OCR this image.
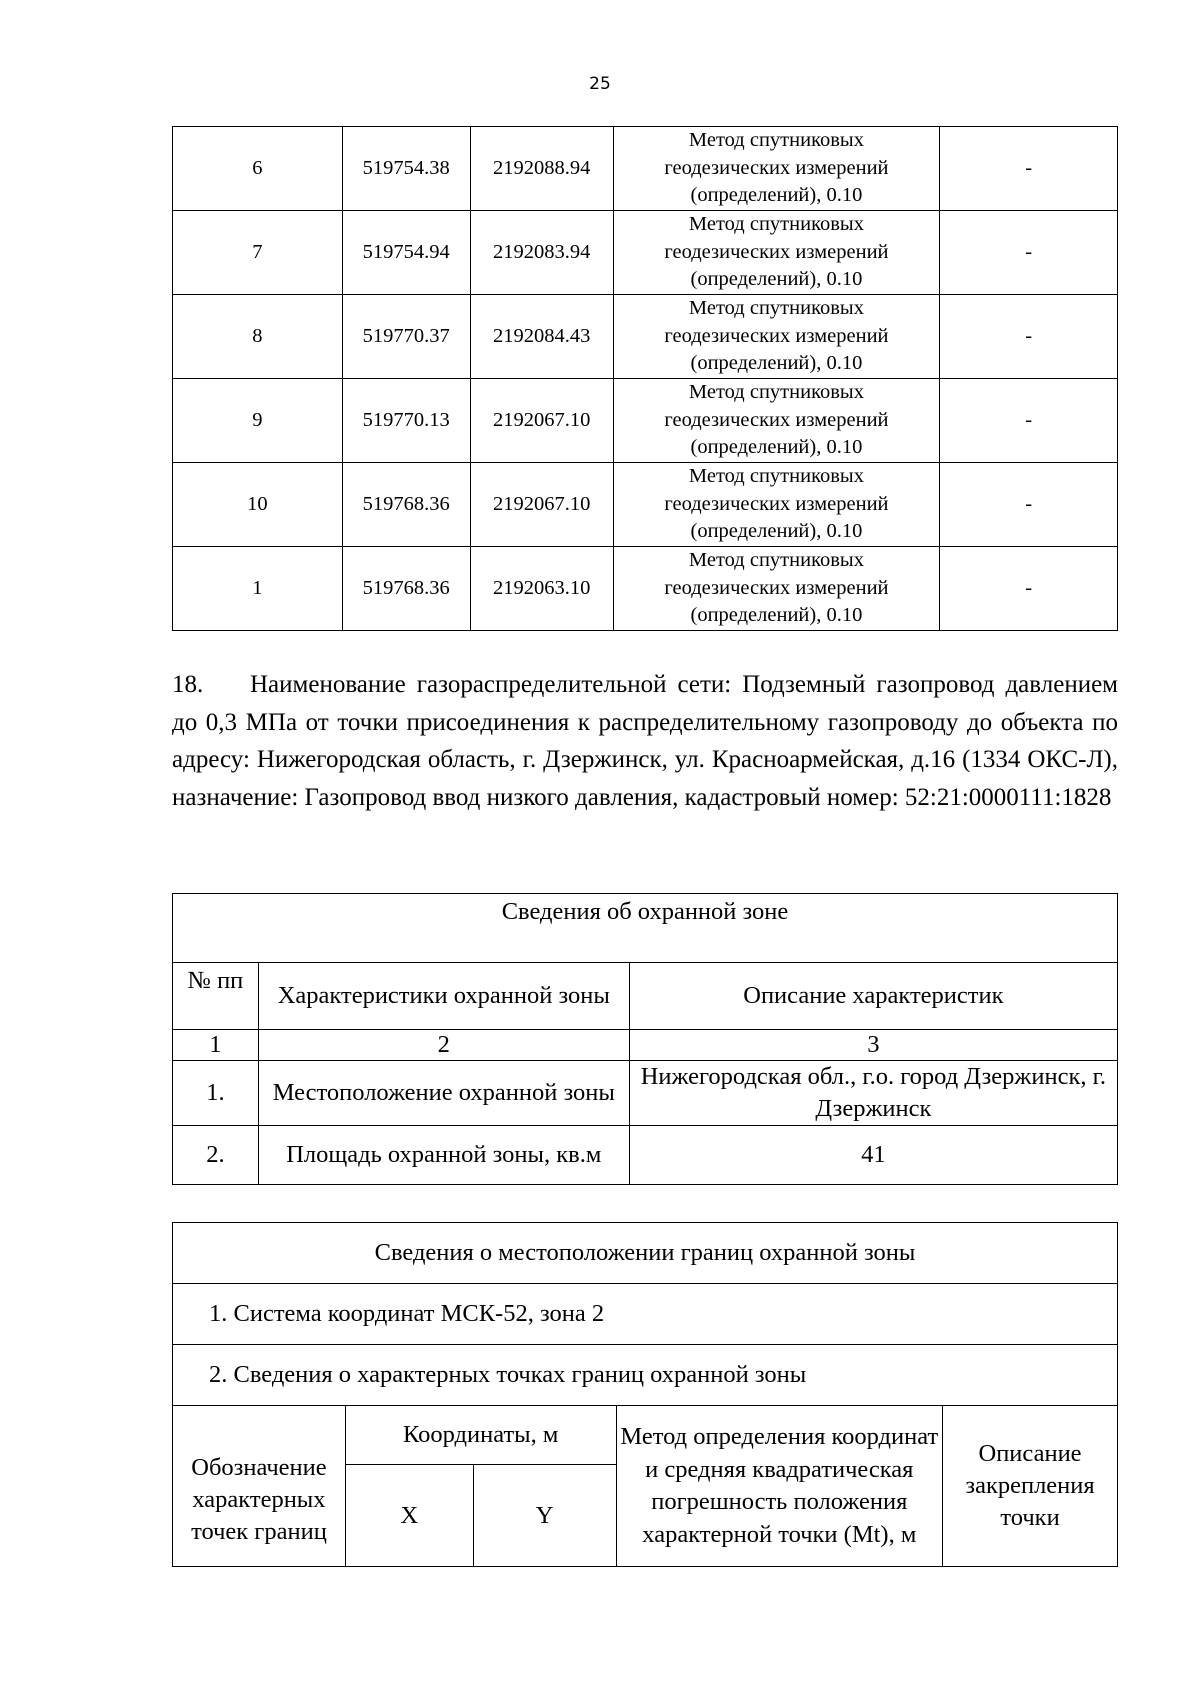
25
6	519754.38	2192088.94	Метод спутниковых
геодезических измерений
(определений), 0.10	-
7	519754.94	2192083.94	Метод спутниковых
геодезических измерений
(определений), 0.10	-
8	519770.37	2192084.43	Метод спутниковых
геодезических измерений
(определений), 0.10	-
9	519770.13	2192067.10	Метод спутниковых
геодезических измерений
(определений), 0.10	-
10	519768.36	2192067.10	Метод спутниковых
геодезических измерений
(определений), 0.10	-
1	519768.36	2192063.10	Метод спутниковых
геодезических измерений
(определений), 0.10	-

18. Наименование газораспределительной сети: Подземный газопровод давлением до 0,3 МПа от точки присоединения к распределительному газопроводу до объекта по адресу: Нижегородская область, г. Дзержинск, ул. Красноармейская, д.16 (1334 ОКС-Л), назначение: Газопровод ввод низкого давления, кадастровый номер: 52:21:0000111:1828

Сведения об охранной зоне		
№ пп	Характеристики охранной зоны	Описание характеристик
1	2	3
1.	Местоположение охранной зоны	Нижегородская обл., г.о. город Дзержинск, г. Дзержинск
2.	Площадь охранной зоны, кв.м	41
Сведения о местоположении границ охранной зоны				
1. Система координат МСК-52, зона 2				
2. Сведения о характерных точках границ охранной зоны				
Обозначение характерных точек границ	Координаты, м		Метод определения координат и средняя квадратическая погрешность положения характерной точки (Mt), м	Описание закрепления точки
	X	Y		
